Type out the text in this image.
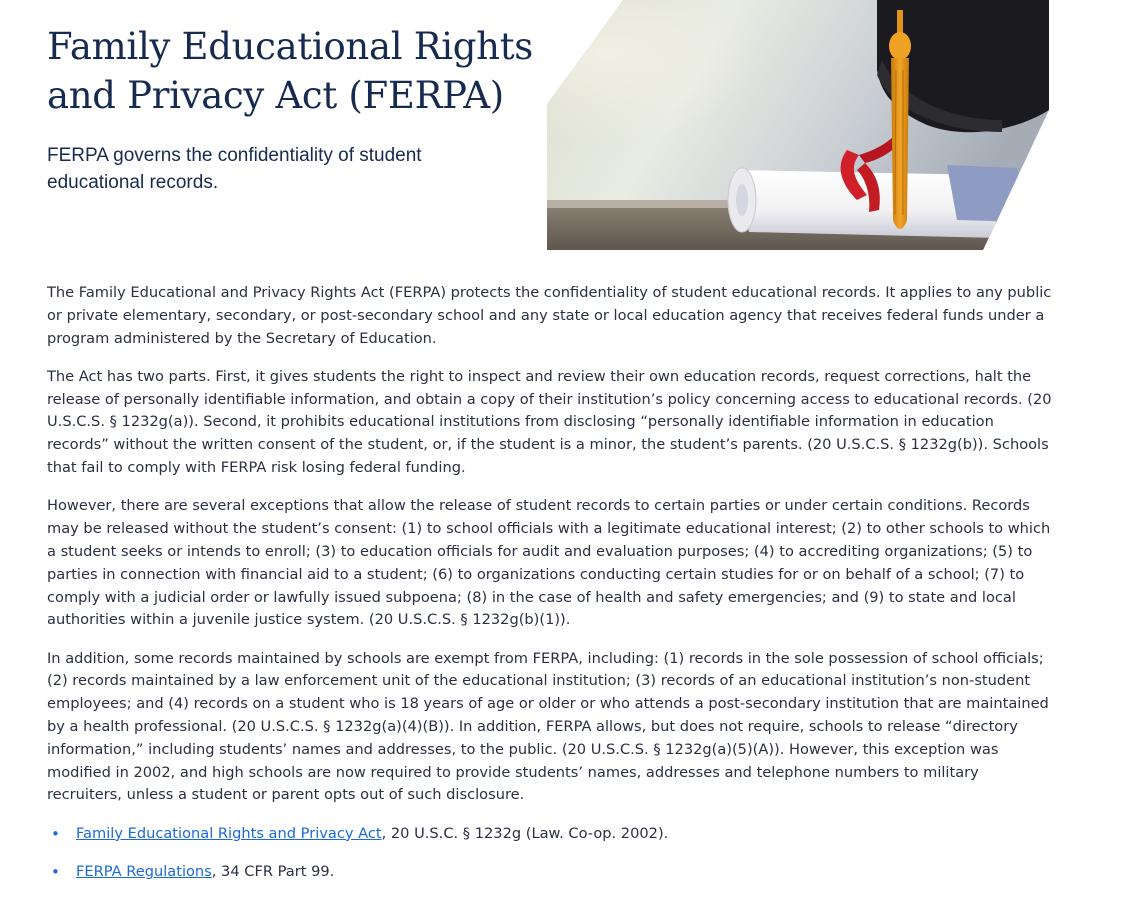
Family Educational Rights and Privacy Act (FERPA)

FERPA governs the confidentiality of student educational records.

The Family Educational and Privacy Rights Act (FERPA) protects the confidentiality of student educational records. It applies to any public or private elementary, secondary, or post-secondary school and any state or local education agency that receives federal funds under a program administered by the Secretary of Education.

The Act has two parts. First, it gives students the right to inspect and review their own education records, request corrections, halt the release of personally identifiable information, and obtain a copy of their institution’s policy concerning access to educational records. (20 U.S.C.S. § 1232g(a)). Second, it prohibits educational institutions from disclosing “personally identifiable information in education records” without the written consent of the student, or, if the student is a minor, the student’s parents. (20 U.S.C.S. § 1232g(b)). Schools that fail to comply with FERPA risk losing federal funding.

However, there are several exceptions that allow the release of student records to certain parties or under certain conditions. Records may be released without the student’s consent: (1) to school officials with a legitimate educational interest; (2) to other schools to which a student seeks or intends to enroll; (3) to education officials for audit and evaluation purposes; (4) to accrediting organizations; (5) to parties in connection with financial aid to a student; (6) to organizations conducting certain studies for or on behalf of a school; (7) to comply with a judicial order or lawfully issued subpoena; (8) in the case of health and safety emergencies; and (9) to state and local authorities within a juvenile justice system. (20 U.S.C.S. § 1232g(b)(1)).

In addition, some records maintained by schools are exempt from FERPA, including: (1) records in the sole possession of school officials; (2) records maintained by a law enforcement unit of the educational institution; (3) records of an educational institution’s non-student employees; and (4) records on a student who is 18 years of age or older or who attends a post-secondary institution that are maintained by a health professional. (20 U.S.C.S. § 1232g(a)(4)(B)). In addition, FERPA allows, but does not require, schools to release “directory information,” including students’ names and addresses, to the public. (20 U.S.C.S. § 1232g(a)(5)(A)). However, this exception was modified in 2002, and high schools are now required to provide students’ names, addresses and telephone numbers to military recruiters, unless a student or parent opts out of such disclosure.

• Family Educational Rights and Privacy Act, 20 U.S.C. § 1232g (Law. Co-op. 2002).
• FERPA Regulations, 34 CFR Part 99.
